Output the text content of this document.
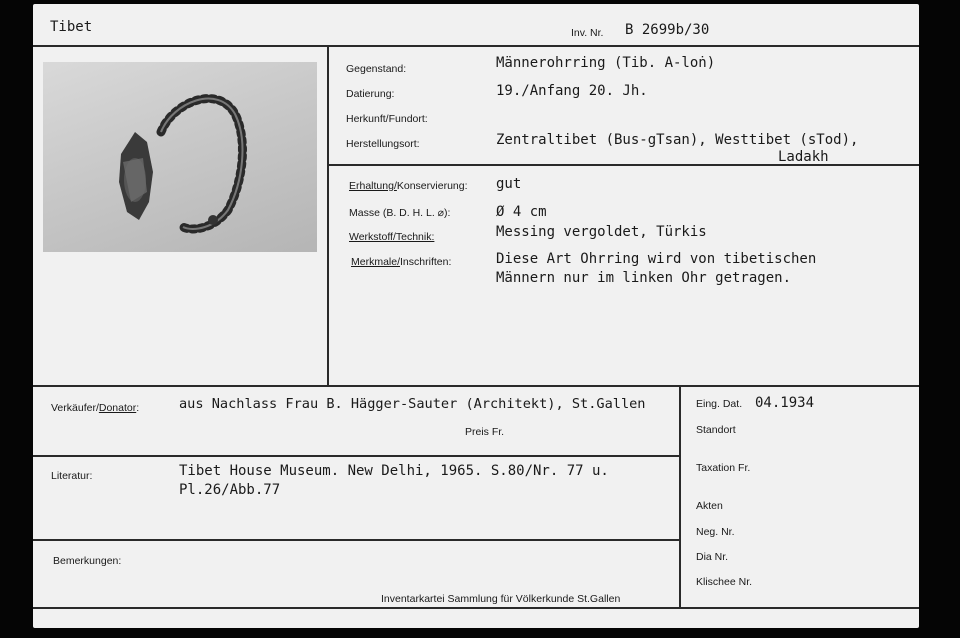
Tibet	Inv. Nr. B 2699b/30
Gegenstand:	Männerohrring (Tib. A-loṅ)
Datierung:	19./Anfang 20. Jh.
Herkunft/Fundort:
Herstellungsort:	Zentraltibet (Bus-gTsan), Westtibet (sTod),
Ladakh
Erhaltung/Konservierung: gut
Masse (B. D. H. L. ⌀):	Ø 4 cm
Werkstoff/Technik:	Messing vergoldet, Türkis
Merkmale/Inschriften:	Diese Art Ohrring wird von tibetischen
Männern nur im linken Ohr getragen.
Verkäufer/Donator:	aus Nachlass Frau B. Hägger-Sauter (Architekt), St.Gallen
Preis Fr.
Literatur:	Tibet House Museum. New Delhi, 1965. S.80/Nr. 77 u.
Pl.26/Abb.77
Bemerkungen:
Eing. Dat. 04.1934
Standort
Taxation Fr.
Akten
Neg. Nr.
Dia Nr.
Klischee Nr.
Inventarkartei Sammlung für Völkerkunde St.Gallen
